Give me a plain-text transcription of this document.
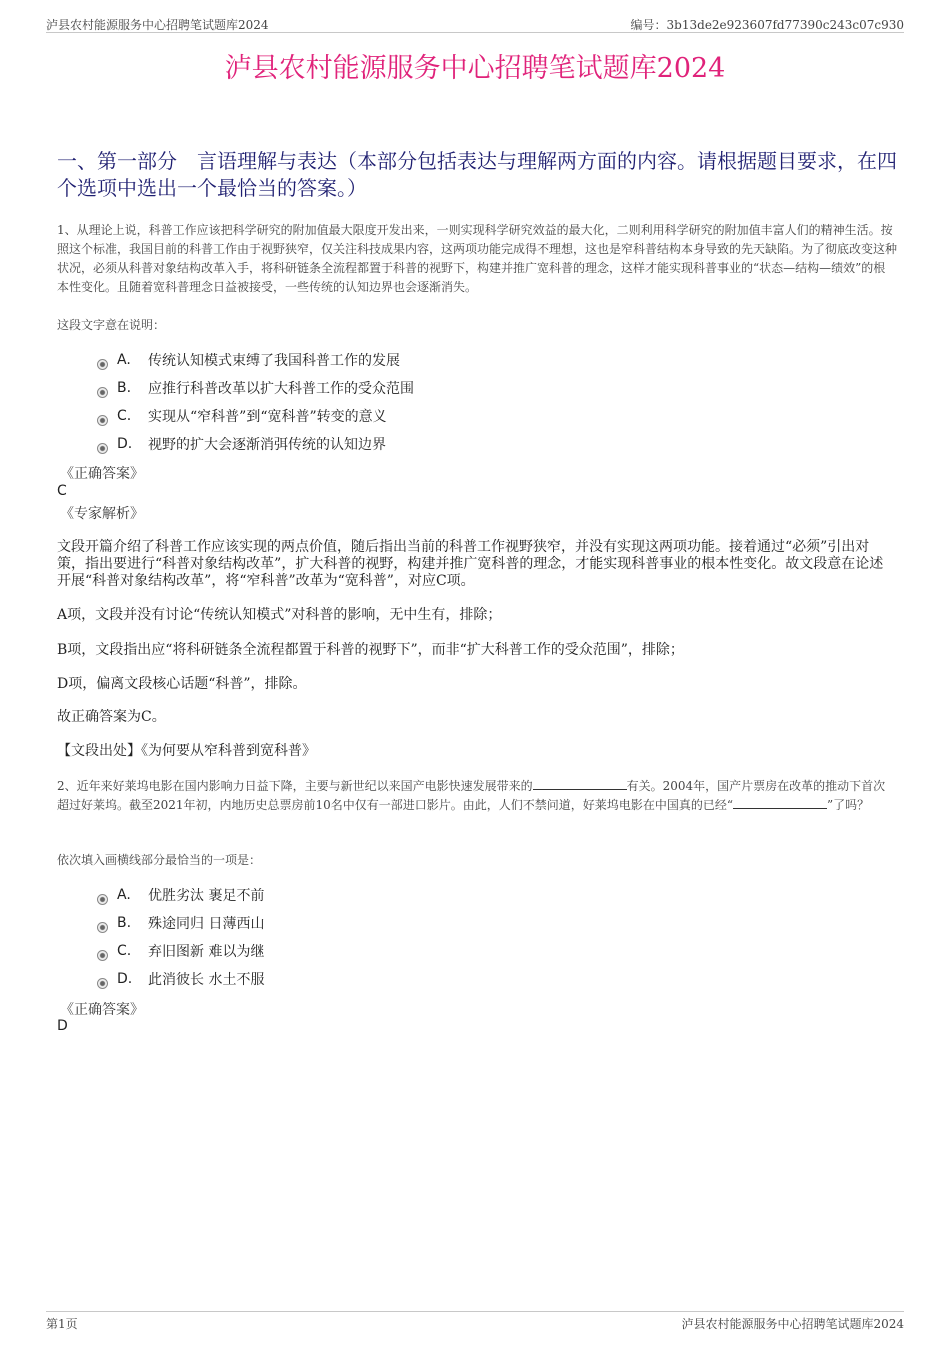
泸县农村能源服务中心招聘笔试题库2024	编号：3b13de2e923607fd77390c243c07c930
泸县农村能源服务中心招聘笔试题库2024
一、第一部分　言语理解与表达（本部分包括表达与理解两方面的内容。请根据题目要求，在四个选项中选出一个最恰当的答案。）
1、从理论上说，科普工作应该把科学研究的附加值最大限度开发出来，一则实现科学研究效益的最大化，二则利用科学研究的附加值丰富人们的精神生活。按照这个标准，我国目前的科普工作由于视野狭窄，仅关注科技成果内容，这两项功能完成得不理想，这也是窄科普结构本身导致的先天缺陷。为了彻底改变这种状况，必须从科普对象结构改革入手，将科研链条全流程都置于科普的视野下，构建并推广宽科普的理念，这样才能实现科普事业的“状态—结构—绩效”的根本性变化。且随着宽科普理念日益被接受，一些传统的认知边界也会逐渐消失。
这段文字意在说明：
A.	传统认知模式束缚了我国科普工作的发展
B.	应推行科普改革以扩大科普工作的受众范围
C.	实现从“窄科普”到“宽科普”转变的意义
D.	视野的扩大会逐渐消弭传统的认知边界
《正确答案》
C
《专家解析》
文段开篇介绍了科普工作应该实现的两点价值，随后指出当前的科普工作视野狭窄，并没有实现这两项功能。接着通过“必须”引出对策，指出要进行“科普对象结构改革”，扩大科普的视野，构建并推广宽科普的理念，才能实现科普事业的根本性变化。故文段意在论述开展“科普对象结构改革”，将“窄科普”改革为“宽科普”，对应C项。
A项，文段并没有讨论“传统认知模式”对科普的影响，无中生有，排除；
B项，文段指出应“将科研链条全流程都置于科普的视野下”，而非“扩大科普工作的受众范围”，排除；
D项，偏离文段核心话题“科普”，排除。
故正确答案为C。
【文段出处】《为何要从窄科普到宽科普》
2、近年来好莱坞电影在国内影响力日益下降，主要与新世纪以来国产电影快速发展带来的	有关。2004年，国产片票房在改革的推动下首次超过好莱坞。截至2021年初，内地历史总票房前10名中仅有一部进口影片。由此，人们不禁问道，好莱坞电影在中国真的已经“	”了吗？
依次填入画横线部分最恰当的一项是：
A.	优胜劣汰 裹足不前
B.	殊途同归 日薄西山
C.	弃旧图新 难以为继
D.	此消彼长 水土不服
《正确答案》
D
第1页	泸县农村能源服务中心招聘笔试题库2024
